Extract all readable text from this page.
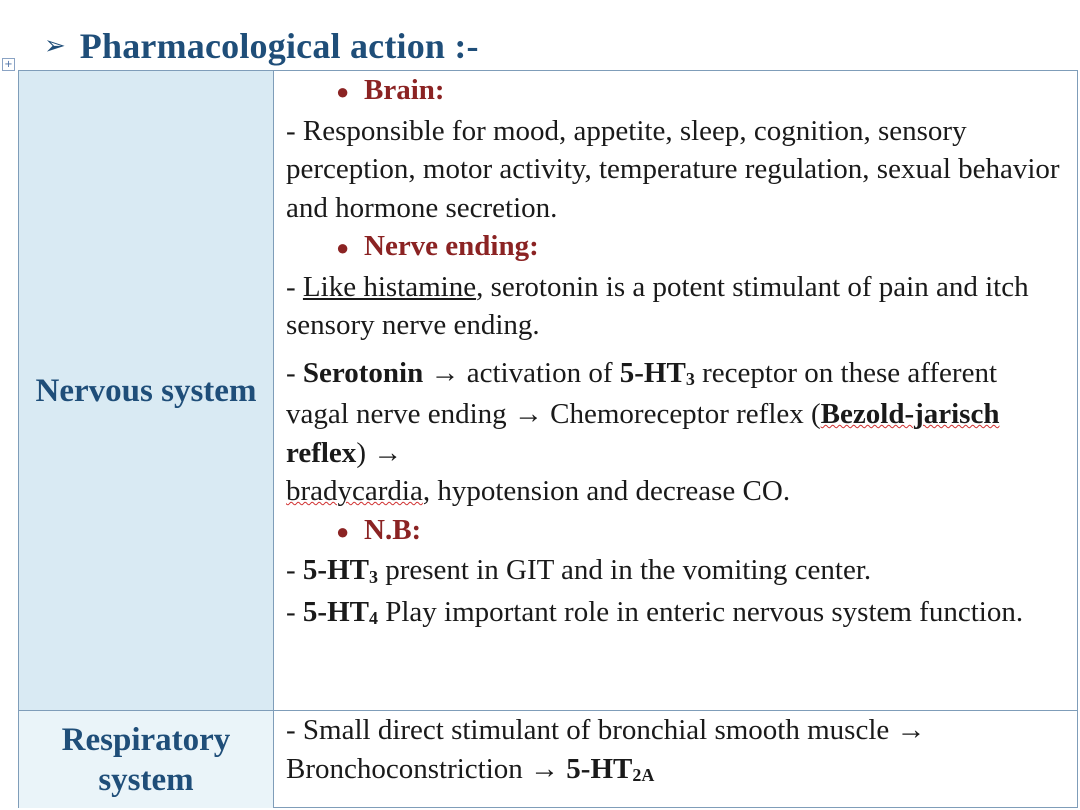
+
➢ Pharmacological action :-
Nervous system
● Brain:

- Responsible for mood, appetite, sleep, cognition, sensory perception, motor activity, temperature regulation, sexual behavior and hormone secretion.

● Nerve ending:

- Like histamine, serotonin is a potent stimulant of pain and itch sensory nerve ending.

- Serotonin → activation of $5-HT_3$ receptor on these afferent vagal nerve ending → Chemoreceptor reflex (Bezold-jarisch reflex) →
bradycardia, hypotension and decrease CO.

● N.B:

- $5-HT_3$ present in GIT and in the vomiting center.

- $5-HT_4$ Play important role in enteric nervous system function.

Respiratory
system

- Small direct stimulant of bronchial smooth muscle →
Bronchoconstriction → $5-HT_{2A}$
